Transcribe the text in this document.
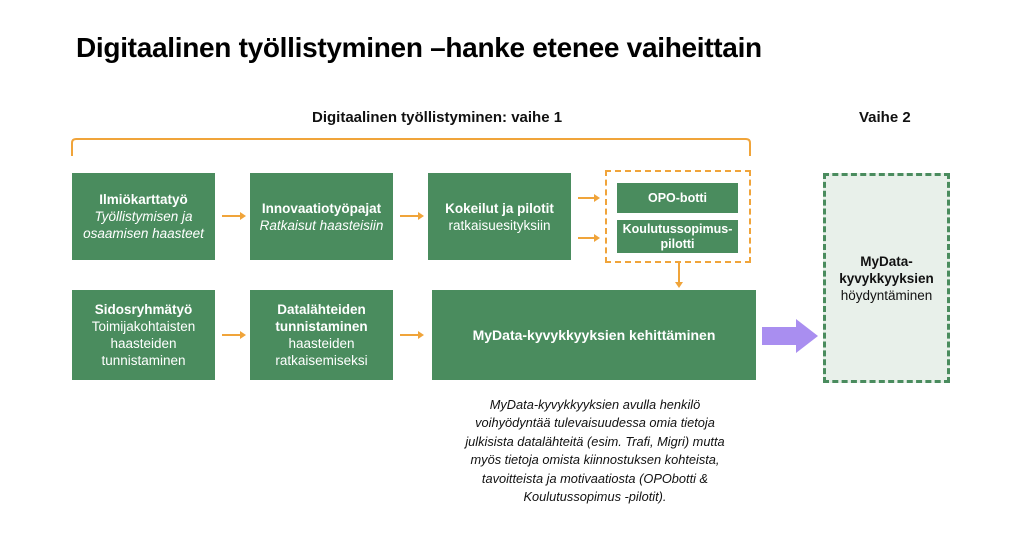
Digitaalinen työllistyminen –hanke etenee vaiheittain
Digitaalinen työllistyminen: vaihe 1	Vaihe 2
Ilmiökarttatyö
Työllistymisen ja
osaamisen haasteet
Innovaatiotyöpajat
Ratkaisut haasteisiin
Kokeilut ja pilotit
ratkaisuesityksiin
OPO-botti
Koulutussopimus-
pilotti
Sidosryhmätyö
Toimijakohtaisten
haasteiden
tunnistaminen
Datalähteiden
tunnistaminen
haasteiden
ratkaisemiseksi
MyData-kyvykkyyksien kehittäminen
MyData-
kyvykkyyksien
höydyntäminen
MyData-kyvykkyyksien avulla henkilö
voihyödyntää tulevaisuudessa omia tietoja
julkisista datalähteitä (esim. Trafi, Migri) mutta
myös tietoja omista kiinnostuksen kohteista,
tavoitteista ja motivaatiosta (OPObotti &
Koulutussopimus -pilotit).
